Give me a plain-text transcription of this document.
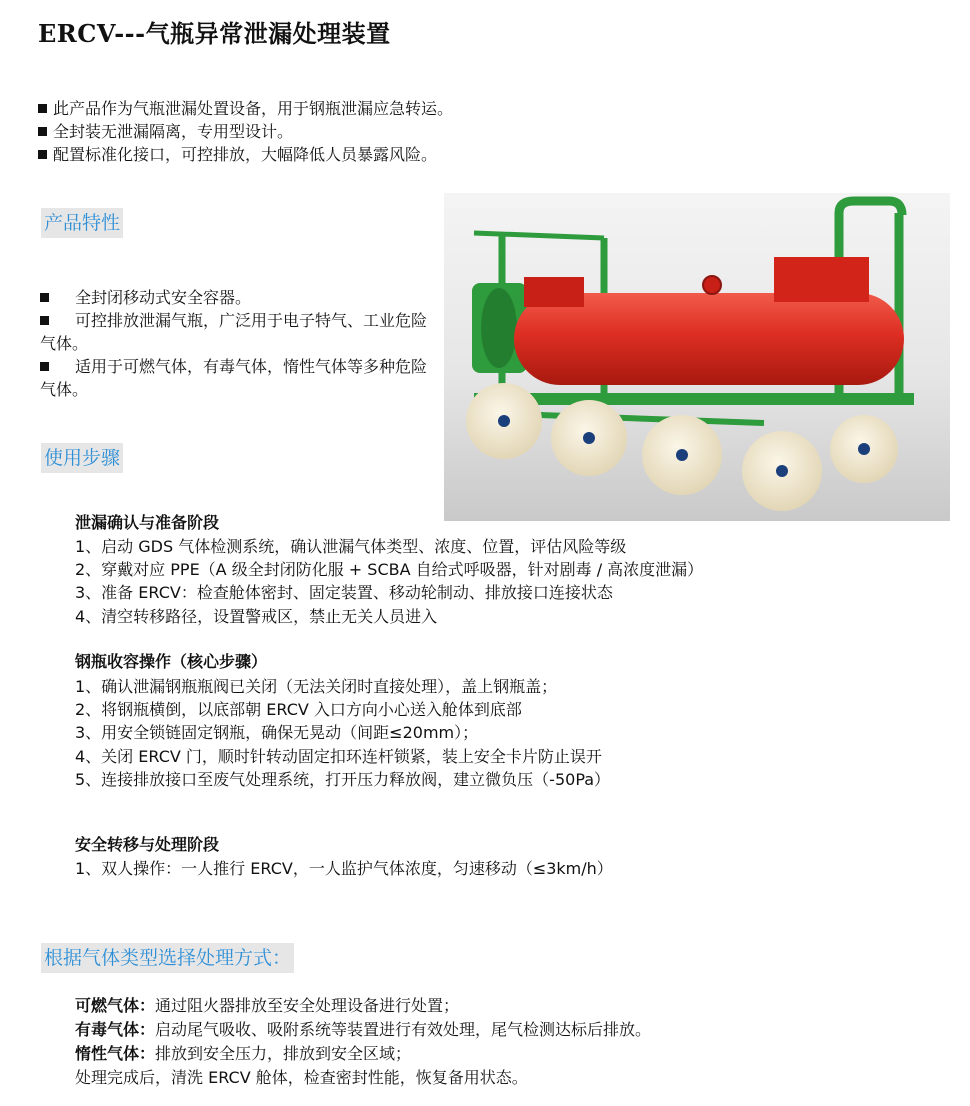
ERCV---气瓶异常泄漏处理装置
此产品作为气瓶泄漏处置设备，用于钢瓶泄漏应急转运。
全封装无泄漏隔离，专用型设计。
配置标准化接口，可控排放，大幅降低人员暴露风险。
产品特性
全封闭移动式安全容器。
可控排放泄漏气瓶，广泛用于电子特气、工业危险气体。
适用于可燃气体，有毒气体，惰性气体等多种危险气体。
使用步骤
泄漏确认与准备阶段
1、启动 GDS 气体检测系统，确认泄漏气体类型、浓度、位置，评估风险等级
2、穿戴对应 PPE（A 级全封闭防化服 + SCBA 自给式呼吸器，针对剧毒 / 高浓度泄漏）
3、准备 ERCV：检查舱体密封、固定装置、移动轮制动、排放接口连接状态
4、清空转移路径，设置警戒区，禁止无关人员进入
钢瓶收容操作（核心步骤）
1、确认泄漏钢瓶瓶阀已关闭（无法关闭时直接处理），盖上钢瓶盖；
2、将钢瓶横倒，以底部朝 ERCV 入口方向小心送入舱体到底部
3、用安全锁链固定钢瓶，确保无晃动（间距≤20mm）；
4、关闭 ERCV 门，顺时针转动固定扣环连杆锁紧，装上安全卡片防止误开
5、连接排放接口至废气处理系统，打开压力释放阀，建立微负压（-50Pa）
安全转移与处理阶段
1、双人操作：一人推行 ERCV，一人监护气体浓度，匀速移动（≤3km/h）
根据气体类型选择处理方式：
可燃气体：通过阻火器排放至安全处理设备进行处置；
有毒气体：启动尾气吸收、吸附系统等装置进行有效处理，尾气检测达标后排放。
惰性气体：排放到安全压力，排放到安全区域；
处理完成后，清洗 ERCV 舱体，检查密封性能，恢复备用状态。
